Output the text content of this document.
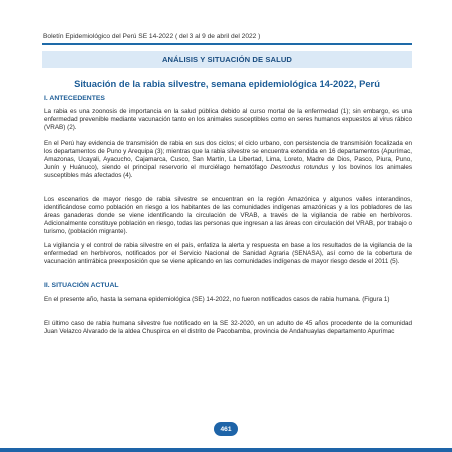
Boletín Epidemiológico del Perú SE 14-2022 ( del 3 al 9 de abril del 2022 )
ANÁLISIS Y SITUACIÓN DE SALUD
Situación de la rabia silvestre, semana epidemiológica 14-2022, Perú
I. ANTECEDENTES
La rabia es una zoonosis de importancia en la salud pública debido al curso mortal de la enfermedad (1); sin embargo, es una enfermedad prevenible mediante vacunación tanto en los animales susceptibles como en seres humanos expuestos al virus rábico (VRAB) (2).
En el Perú hay evidencia de transmisión de rabia en sus dos ciclos; el ciclo urbano, con persistencia de transmisión focalizada en los departamentos de Puno y Arequipa (3); mientras que la rabia silvestre se encuentra extendida en 16 departamentos (Apurímac, Amazonas, Ucayali, Ayacucho, Cajamarca, Cusco, San Martín, La Libertad, Lima, Loreto, Madre de Dios, Pasco, Piura, Puno, Junín y Huánuco), siendo el principal reservorio el murciélago hematófago Desmodus rotundus y los bovinos los animales susceptibles más afectados (4).
Los escenarios de mayor riesgo de rabia silvestre se encuentran en la región Amazónica y algunos valles interandinos, identificándose como población en riesgo a los habitantes de las comunidades indígenas amazónicas y a los pobladores de las áreas ganaderas donde se viene identificando la circulación de VRAB, a través de la vigilancia de rabie en herbívoros. Adicionalmente constituye población en riesgo, todas las personas que ingresan a las áreas con circulación del VRAB, por trabajo o turismo, (población migrante).
La vigilancia y el control de rabia silvestre en el país, enfatiza la alerta y respuesta en base a los resultados de la vigilancia de la enfermedad en herbívoros, notificados por el Servicio Nacional de Sanidad Agraria (SENASA), así como de la cobertura de vacunación antirrábica preexposición que se viene aplicando en las comunidades indígenas de mayor riesgo desde el 2011 (5).
II. SITUACIÓN ACTUAL
En el presente año, hasta la semana epidemiológica (SE) 14-2022, no fueron notificados casos de rabia humana. (Figura 1)
El último caso de rabia humana silvestre fue notificado en la SE 32-2020, en un adulto de 45 años procedente de la comunidad Juan Velazco Alvarado de la aldea Chuspirca en el distrito de Pacobamba, provincia de Andahuaylas departamento Apurímac
461
